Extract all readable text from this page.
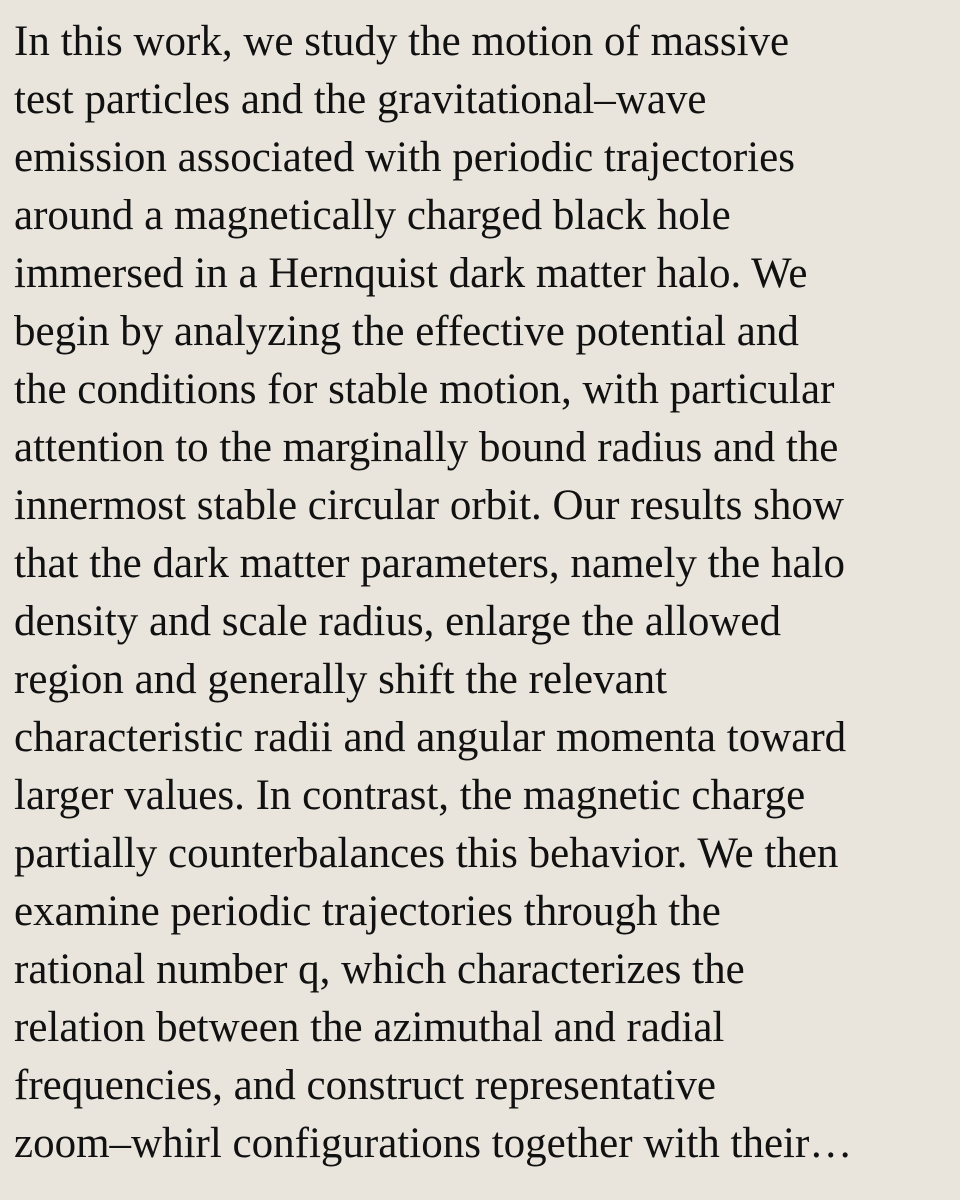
In this work, we study the motion of massive
test particles and the gravitational–wave
emission associated with periodic trajectories
around a magnetically charged black hole
immersed in a Hernquist dark matter halo. We
begin by analyzing the effective potential and
the conditions for stable motion, with particular
attention to the marginally bound radius and the
innermost stable circular orbit. Our results show
that the dark matter parameters, namely the halo
density and scale radius, enlarge the allowed
region and generally shift the relevant
characteristic radii and angular momenta toward
larger values. In contrast, the magnetic charge
partially counterbalances this behavior. We then
examine periodic trajectories through the
rational number q, which characterizes the
relation between the azimuthal and radial
frequencies, and construct representative
zoom–whirl configurations together with their…
